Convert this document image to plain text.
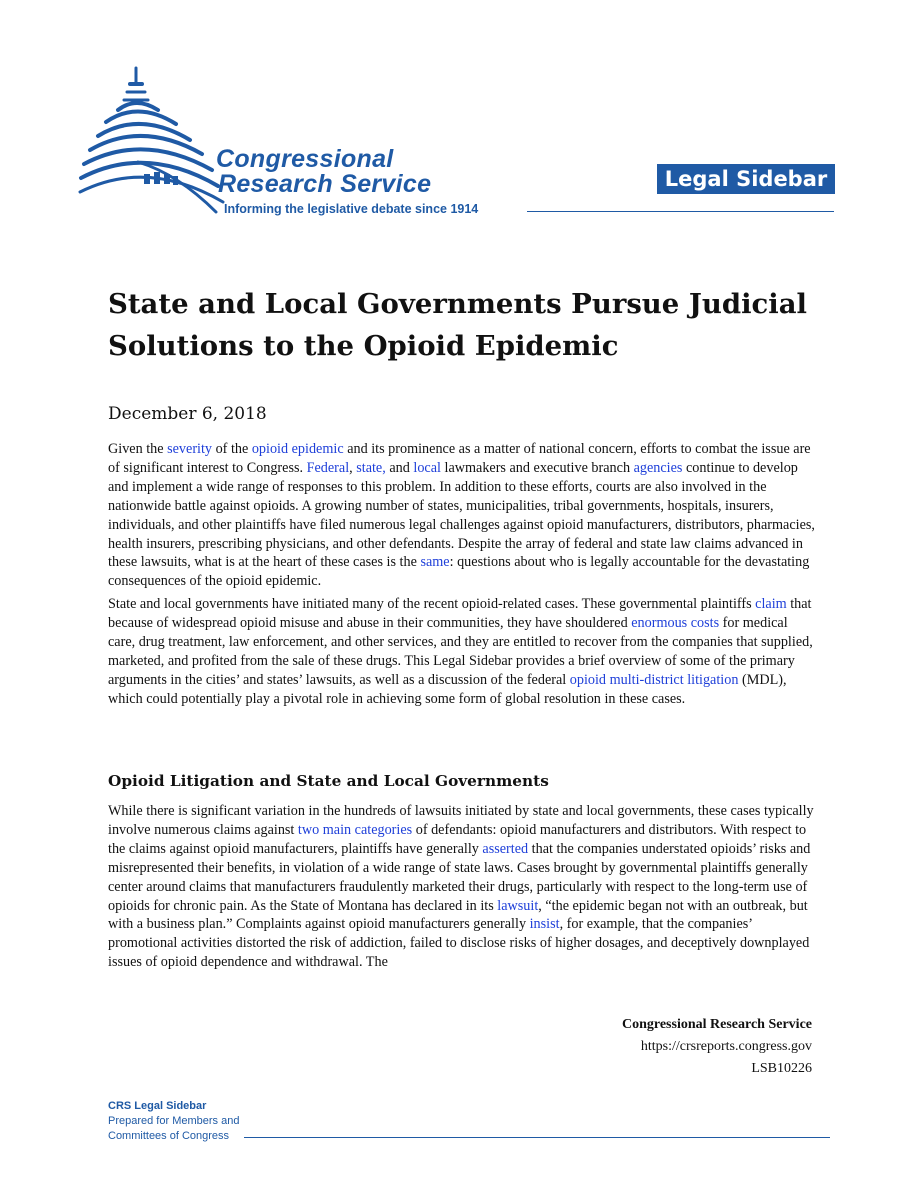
Congressional
Research Service
Informing the legislative debate since 1914
Legal Sidebar
State and Local Governments Pursue Judicial Solutions to the Opioid Epidemic
December 6, 2018

Given the severity of the opioid epidemic and its prominence as a matter of national concern, efforts to combat the issue are of significant interest to Congress. Federal, state, and local lawmakers and executive branch agencies continue to develop and implement a wide range of responses to this problem. In addition to these efforts, courts are also involved in the nationwide battle against opioids. A growing number of states, municipalities, tribal governments, hospitals, insurers, individuals, and other plaintiffs have filed numerous legal challenges against opioid manufacturers, distributors, pharmacies, health insurers, prescribing physicians, and other defendants. Despite the array of federal and state law claims advanced in these lawsuits, what is at the heart of these cases is the same: questions about who is legally accountable for the devastating consequences of the opioid epidemic.

State and local governments have initiated many of the recent opioid-related cases. These governmental plaintiffs claim that because of widespread opioid misuse and abuse in their communities, they have shouldered enormous costs for medical care, drug treatment, law enforcement, and other services, and they are entitled to recover from the companies that supplied, marketed, and profited from the sale of these drugs. This Legal Sidebar provides a brief overview of some of the primary arguments in the cities’ and states’ lawsuits, as well as a discussion of the federal opioid multi-district litigation (MDL), which could potentially play a pivotal role in achieving some form of global resolution in these cases.

Opioid Litigation and State and Local Governments

While there is significant variation in the hundreds of lawsuits initiated by state and local governments, these cases typically involve numerous claims against two main categories of defendants: opioid manufacturers and distributors. With respect to the claims against opioid manufacturers, plaintiffs have generally asserted that the companies understated opioids’ risks and misrepresented their benefits, in violation of a wide range of state laws. Cases brought by governmental plaintiffs generally center around claims that manufacturers fraudulently marketed their drugs, particularly with respect to the long-term use of opioids for chronic pain. As the State of Montana has declared in its lawsuit, “the epidemic began not with an outbreak, but with a business plan.” Complaints against opioid manufacturers generally insist, for example, that the companies’ promotional activities distorted the risk of addiction, failed to disclose risks of higher dosages, and deceptively downplayed issues of opioid dependence and withdrawal. The

Congressional Research Service
https://crsreports.congress.gov
LSB10226
CRS Legal Sidebar
Prepared for Members and
Committees of Congress
